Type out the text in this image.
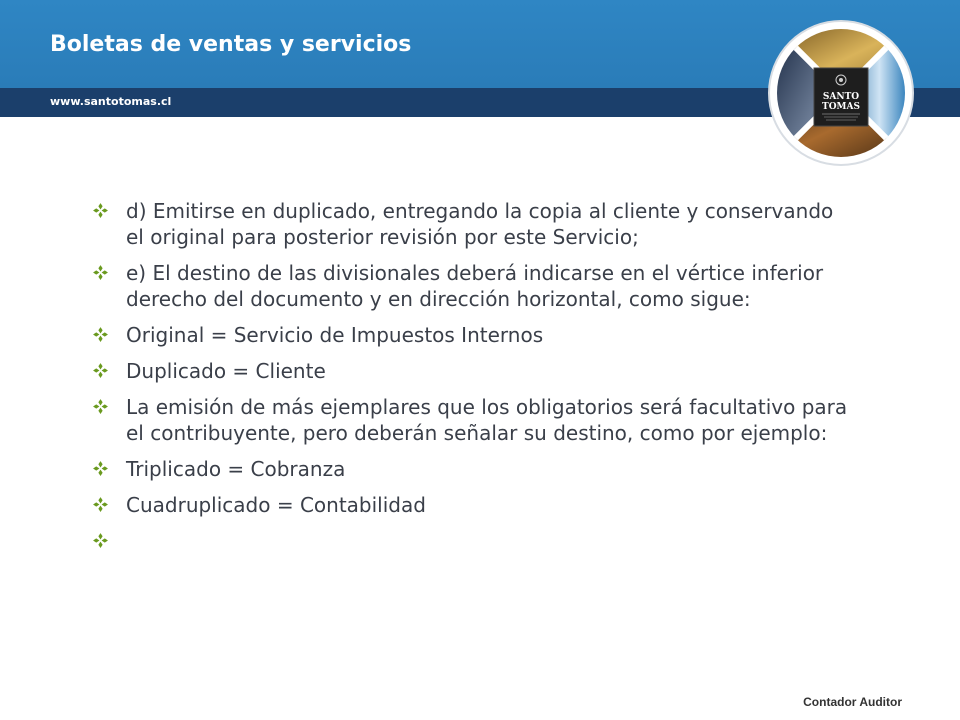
Boletas de ventas y servicios
www.santotomas.cl	SANTO
TOMAS
d) Emitirse en duplicado, entregando la copia al cliente y conservando el original para posterior revisión por este Servicio;
e) El destino de las divisionales deberá indicarse en el vértice inferior derecho del documento y en dirección horizontal, como sigue:
Original = Servicio de Impuestos Internos
Duplicado = Cliente
La emisión de más ejemplares que los obligatorios será facultativo para el contribuyente, pero deberán señalar su destino, como por ejemplo:
Triplicado = Cobranza
Cuadruplicado = Contabilidad
Contador Auditor
